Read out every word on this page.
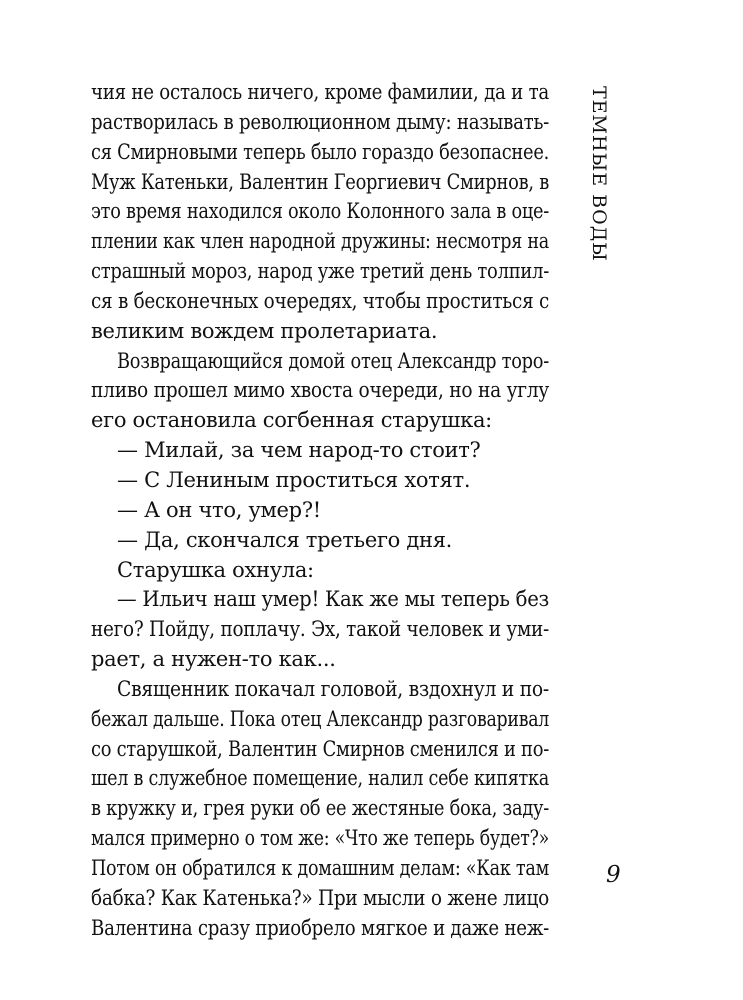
ТЕМНЫЕ ВОДЫ
чия не осталось ничего, кроме фамилии, да и та
растворилась в революционном дыму: называть-
ся Смирновыми теперь было гораздо безопаснее.
Муж Катеньки, Валентин Георгиевич Смирнов, в
это время находился около Колонного зала в оце-
плении как член народной дружины: несмотря на
страшный мороз, народ уже третий день толпил-
ся в бесконечных очередях, чтобы проститься с
великим вождем пролетариата.
Возвращающийся домой отец Александр торо-
пливо прошел мимо хвоста очереди, но на углу
его остановила согбенная старушка:
— Милай, за чем народ-то стоит?
— С Лениным проститься хотят.
— А он что, умер?!
— Да, скончался третьего дня.
Старушка охнула:
— Ильич наш умер! Как же мы теперь без
него? Пойду, поплачу. Эх, такой человек и уми-
рает, а нужен-то как...
Священник покачал головой, вздохнул и по-
бежал дальше. Пока отец Александр разговаривал
со старушкой, Валентин Смирнов сменился и по-
шел в служебное помещение, налил себе кипятка
в кружку и, грея руки об ее жестяные бока, заду-
мался примерно о том же: «Что же теперь будет?»
Потом он обратился к домашним делам: «Как там
бабка? Как Катенька?» При мысли о жене лицо
Валентина сразу приобрело мягкое и даже неж-
9
